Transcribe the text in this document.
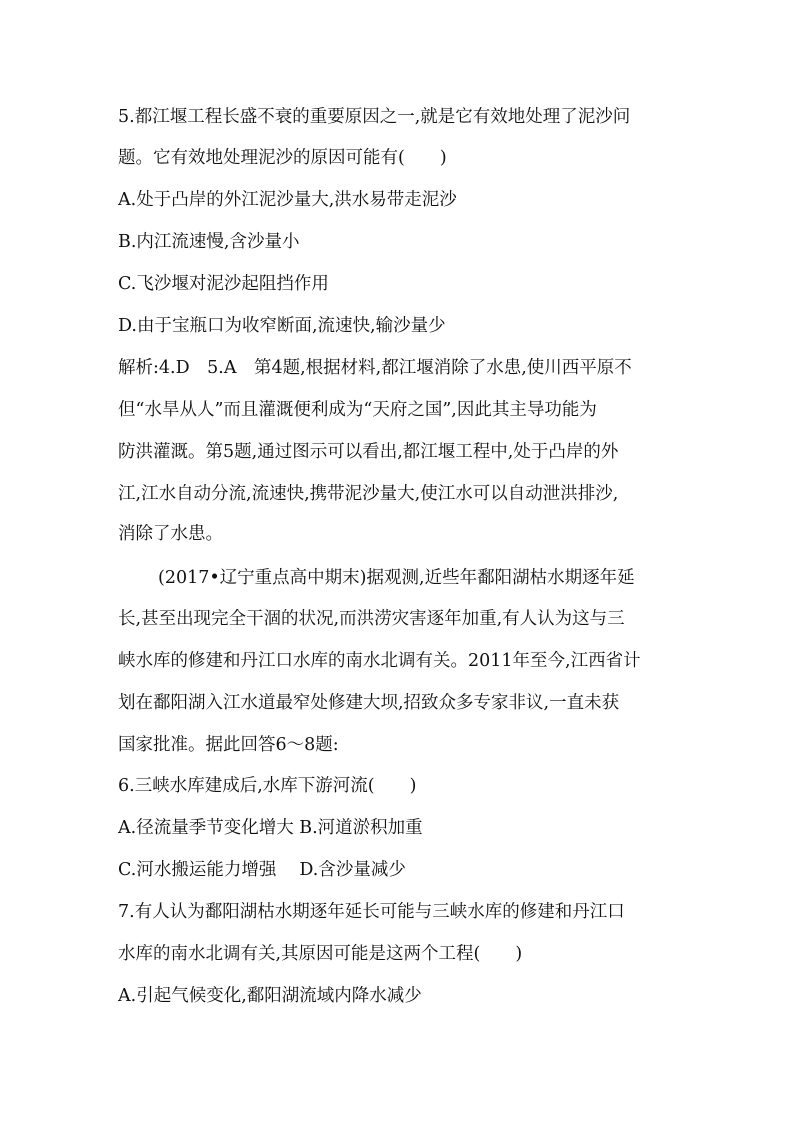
5.都江堰工程长盛不衰的重要原因之一,就是它有效地处理了泥沙问
题。它有效地处理泥沙的原因可能有(　　)
A.处于凸岸的外江泥沙量大,洪水易带走泥沙
B.内江流速慢,含沙量小
C.飞沙堰对泥沙起阻挡作用
D.由于宝瓶口为收窄断面,流速快,输沙量少
解析:4.D　5.A　第4题,根据材料,都江堰消除了水患,使川西平原不
但“水旱从人”而且灌溉便利成为“天府之国”,因此其主导功能为
防洪灌溉。第5题,通过图示可以看出,都江堰工程中,处于凸岸的外
江,江水自动分流,流速快,携带泥沙量大,使江水可以自动泄洪排沙,
消除了水患。
(2017•辽宁重点高中期末)据观测,近些年鄱阳湖枯水期逐年延
长,甚至出现完全干涸的状况,而洪涝灾害逐年加重,有人认为这与三
峡水库的修建和丹江口水库的南水北调有关。2011年至今,江西省计
划在鄱阳湖入江水道最窄处修建大坝,招致众多专家非议,一直未获
国家批准。据此回答6～8题:
6.三峡水库建成后,水库下游河流(　　)
A.径流量季节变化增大 B.河道淤积加重
C.河水搬运能力增强　 D.含沙量减少
7.有人认为鄱阳湖枯水期逐年延长可能与三峡水库的修建和丹江口
水库的南水北调有关,其原因可能是这两个工程(　　)
A.引起气候变化,鄱阳湖流域内降水减少
